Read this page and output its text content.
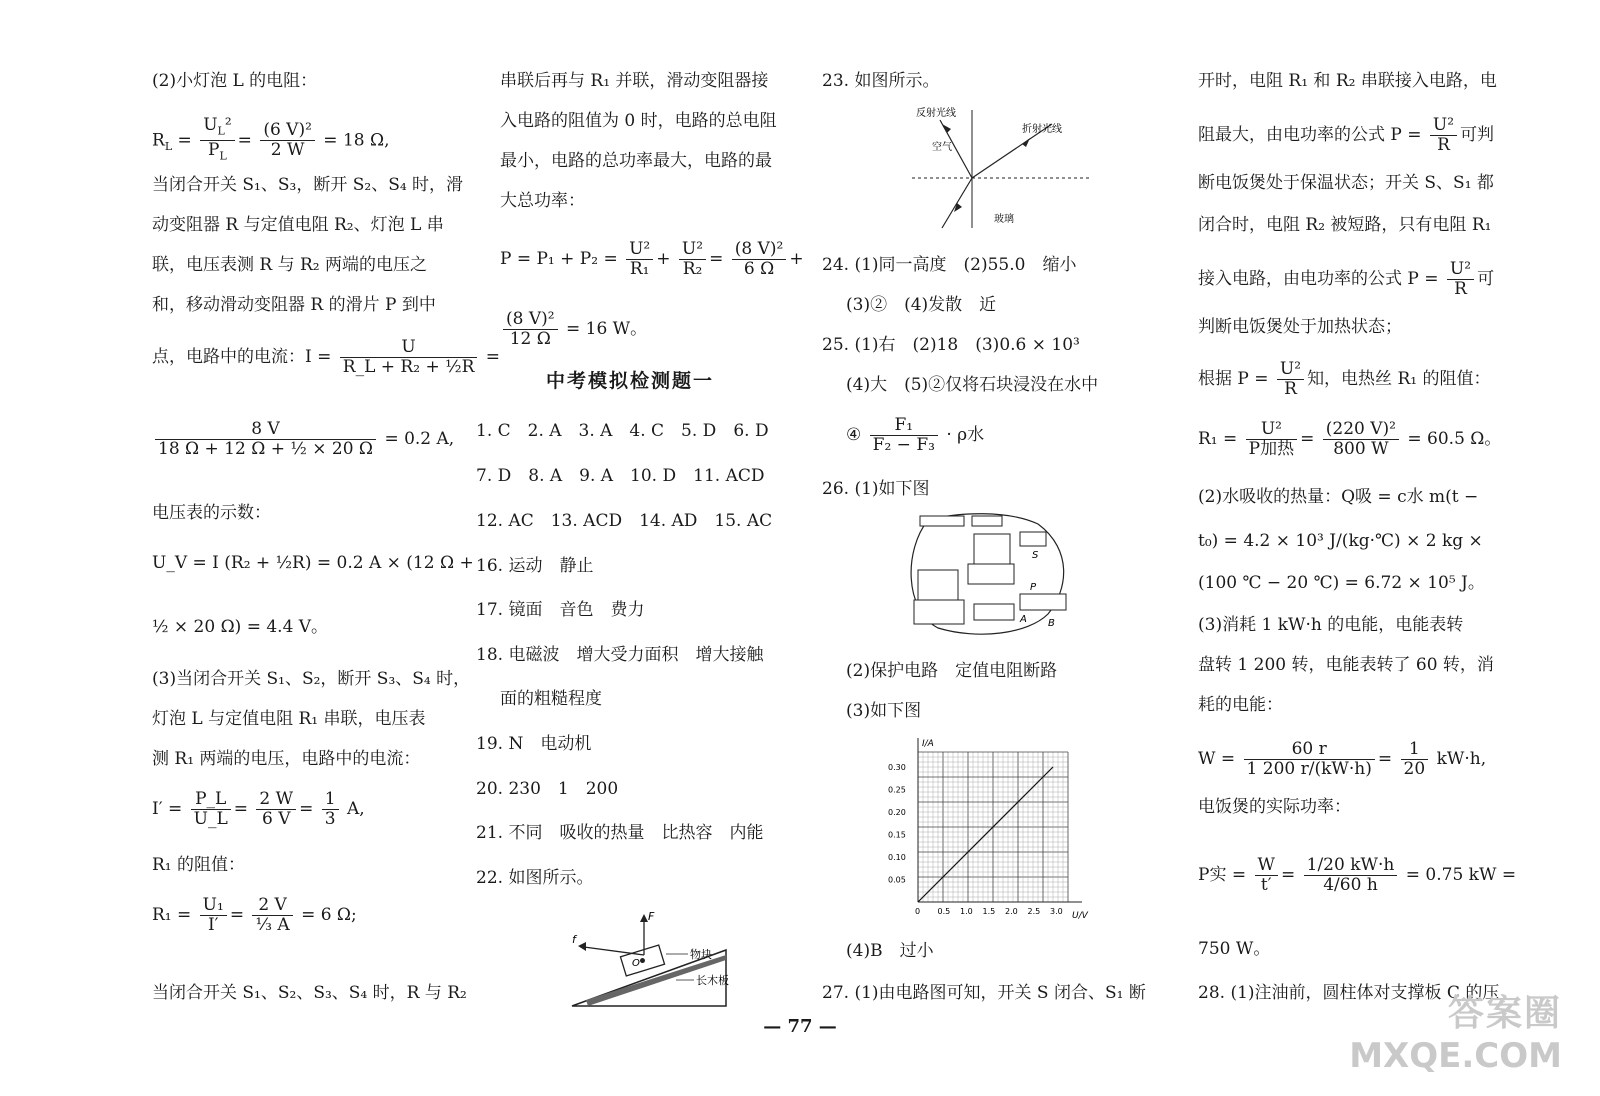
(2)小灯泡 L 的电阻：
$R_L = \frac{U_L^2}{P_L} = \frac{\text{(6 V)²}}{2 W} = 18$ Ω,
当闭合开关 S₁、S₃，断开 S₂、S₄ 时，滑
动变阻器 R 与定值电阻 R₂、灯泡 L 串
联，电压表测 R 与 R₂ 两端的电压之
和，移动滑动变阻器 R 的滑片 P 到中
点，电路中的电流：$I = \frac{U}{\text{R\_L + R₂ + ½R}}$ =
$\frac{8 V}{\text{18 Ω + 12 Ω + ½ × 20 Ω}} = 0.2$ A,
电压表的示数：
U_V = I (R₂ + ½R) = 0.2 A × (12 Ω +
½ × 20 Ω) = 4.4 V。
(3)当闭合开关 S₁、S₂，断开 S₃、S₄ 时，
灯泡 L 与定值电阻 R₁ 串联，电压表
测 R₁ 两端的电压，电路中的电流：
$I' = \frac{P\_L}{U\_L} = \frac{2 W}{6 V} = \frac{1}{3} A$,
R₁ 的阻值：
$R_1 = \frac{\text{U₁}}{I'} = \frac{2 V}{\text{⅓ A}} = 6$ Ω;
当闭合开关 S₁、S₂、S₃、S₄ 时，R 与 R₂
串联后再与 R₁ 并联，滑动变阻器接
入电路的阻值为 0 时，电路的总电阻
最小，电路的总功率最大，电路的最
大总功率：
$P = P_1 + P_2 = \frac{\text{U²}}{\text{R₁}} + \frac{\text{U²}}{\text{R₂}} = \frac{\text{(8 V)²}}{6 \Omega}$ +
$\frac{\text{(8 V)²}}{12 \Omega} = 16$ W。
中考模拟检测题一
1. C　2. A　3. A　4. C　5. D　6. D
7. D　8. A　9. A　10. D　11. ACD
12. AC　13. ACD　14. AD　15. AC
16. 运动　静止
17. 镜面　音色　费力
18. 电磁波　增大受力面积　增大接触
面的粗糙程度
19. N　电动机
20. 230　1　200
21. 不同　吸收的热量　比热容　内能
22. 如图所示。
F
f
O
物块
长木板
23. 如图所示。
反射光线
折射光线
空气
玻璃
24. (1)同一高度　(2)55.0　缩小
(3)②　(4)发散　近
25. (1)右　(2)18　(3)0.6 × 10³
(4)大　(5)②仅将石块浸没在水中
④ $\frac{\text{F₁}}{\text{F₂ − F₃}} \cdot \rho$水
26. (1)如下图
S
P
A B
(2)保护电路　定值电阻断路
(3)如下图
I/A
U/V
0.30
0.25
0.20
0.15
0.10
0.05
0 0.5 1.0 1.5 2.0 2.5 3.0
(4)B　过小
27. (1)由电路图可知，开关 S 闭合、S₁ 断
开时，电阻 R₁ 和 R₂ 串联接入电路，电
阻最大，由电功率的公式 $P = \frac{\text{U²}}{R}$ 可判
断电饭煲处于保温状态；开关 S、S₁ 都
闭合时，电阻 R₂ 被短路，只有电阻 R₁
接入电路，由电功率的公式 $P = \frac{\text{U²}}{R}$ 可
判断电饭煲处于加热状态；
根据 $P = \frac{\text{U²}}{R}$ 知，电热丝 R₁ 的阻值：
$R_1 = \frac{\text{U²}}{\text{P加热}} = \frac{\text{(220 V)²}}{800 W} = 60.5$ Ω。
(2)水吸收的热量：Q吸 = c水 m(t −
t₀) = 4.2 × 10³ J/(kg·℃) × 2 kg ×
(100 ℃ − 20 ℃) = 6.72 × 10⁵ J。
(3)消耗 1 kW·h 的电能，电能表转
盘转 1 200 转，电能表转了 60 转，消
耗的电能：
$W = \frac{60 r}{1 200 r/(kW\cdot h)} = \frac{1}{20} kW\cdot h$,
电饭煲的实际功率：
P实 = $\frac{W}{t'} = \frac{1/20 kW\cdot h}{4/60 h} = 0.75$ kW =
750 W。
28. (1)注油前，圆柱体对支撑板 C 的压
— 77 —	答案圈
MXQE.COM
